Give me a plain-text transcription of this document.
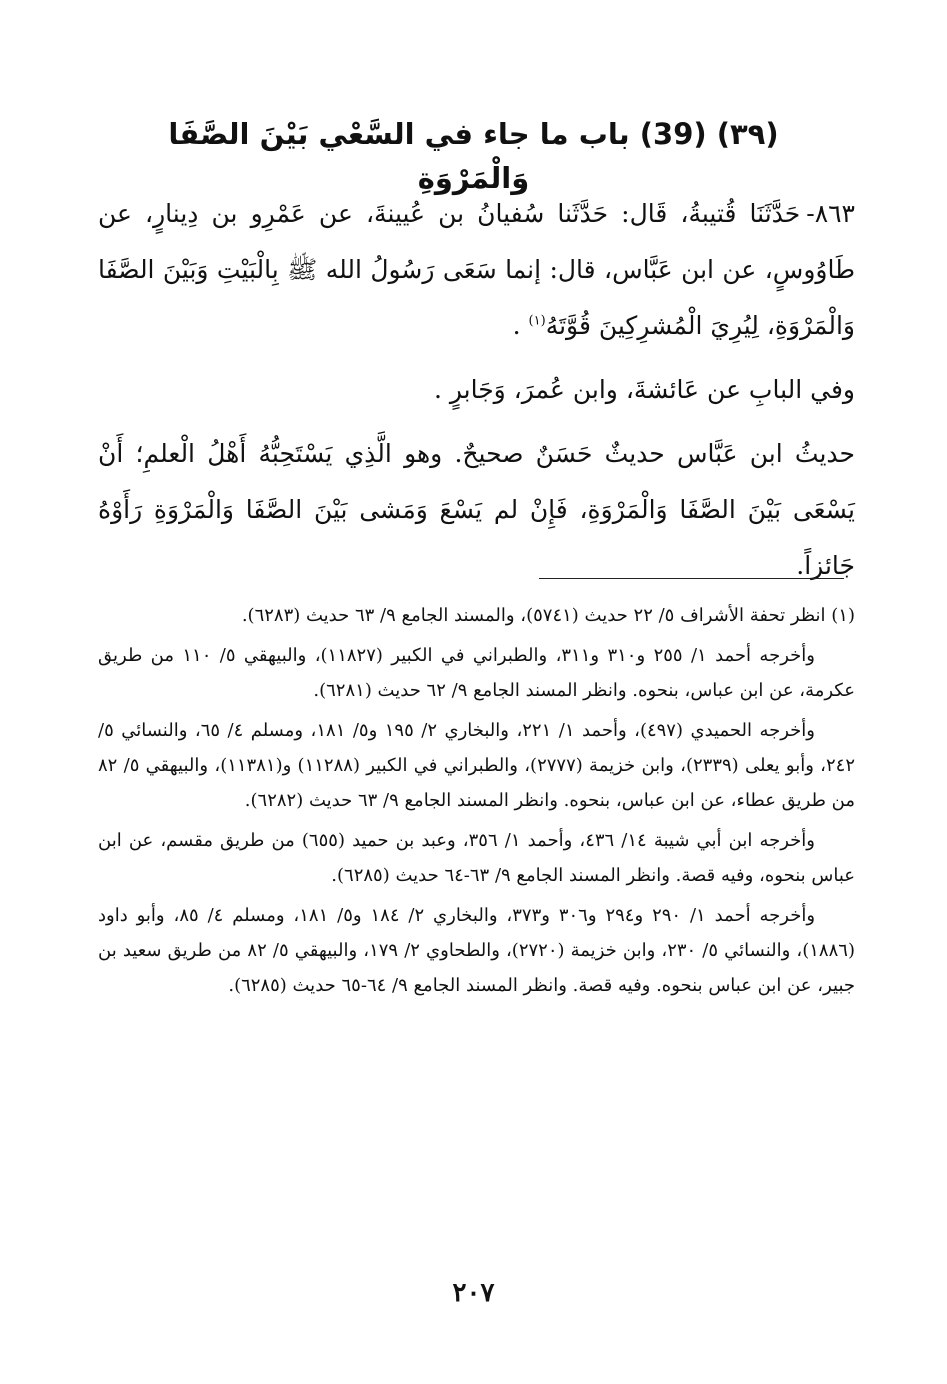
(٣٩) (39) باب ما جاء في السَّعْي بَيْنَ الصَّفَا وَالْمَرْوَةِ

٨٦٣-حَدَّثَنَا قُتيبةُ، قَال: حَدَّثَنا سُفيانُ بن عُيينةَ، عن عَمْرِو بن دِينارٍ، عن طَاوُوسٍ، عن ابن عَبَّاس، قال: إنما سَعَى رَسُولُ الله ﷺ بِالْبَيْتِ وَبَيْنَ الصَّفَا وَالْمَرْوَةِ، لِيُرِيَ الْمُشرِكِينَ قُوَّتَهُ$^{(١)}$ .

وفي البابِ عن عَائشةَ، وابن عُمرَ، وَجَابرٍ .

حديثُ ابن عَبَّاس حديثٌ حَسَنٌ صحيحٌ. وهو الَّذِي يَسْتَحِبُّهُ أَهْلُ الْعلمِ؛ أَنْ يَسْعَى بَيْنَ الصَّفَا وَالْمَرْوَةِ، فَإِنْ لم يَسْعَ وَمَشى بَيْنَ الصَّفَا وَالْمَرْوَةِ رَأَوْهُ جَائزاً.

(١) انظر تحفة الأشراف ٥/ ٢٢ حديث (٥٧٤١)، والمسند الجامع ٩/ ٦٣ حديث (٦٢٨٣).

وأخرجه أحمد ١/ ٢٥٥ و٣١٠ و٣١١، والطبراني في الكبير (١١٨٢٧)، والبيهقي ٥/ ١١٠ من طريق عكرمة، عن ابن عباس، بنحوه. وانظر المسند الجامع ٩/ ٦٢ حديث (٦٢٨١).

وأخرجه الحميدي (٤٩٧)، وأحمد ١/ ٢٢١، والبخاري ٢/ ١٩٥ و٥/ ١٨١، ومسلم ٤/ ٦٥، والنسائي ٥/ ٢٤٢، وأبو يعلى (٢٣٣٩)، وابن خزيمة (٢٧٧٧)، والطبراني في الكبير (١١٢٨٨) و(١١٣٨١)، والبيهقي ٥/ ٨٢ من طريق عطاء، عن ابن عباس، بنحوه. وانظر المسند الجامع ٩/ ٦٣ حديث (٦٢٨٢).

وأخرجه ابن أبي شيبة ١٤/ ٤٣٦، وأحمد ١/ ٣٥٦، وعبد بن حميد (٦٥٥) من طريق مقسم، عن ابن عباس بنحوه، وفيه قصة. وانظر المسند الجامع ٩/ ٦٣-٦٤ حديث (٦٢٨٥).

وأخرجه أحمد ١/ ٢٩٠ و٢٩٤ و٣٠٦ و٣٧٣، والبخاري ٢/ ١٨٤ و٥/ ١٨١، ومسلم ٤/ ٨٥، وأبو داود (١٨٨٦)، والنسائي ٥/ ٢٣٠، وابن خزيمة (٢٧٢٠)، والطحاوي ٢/ ١٧٩، والبيهقي ٥/ ٨٢ من طريق سعيد بن جبير، عن ابن عباس بنحوه. وفيه قصة. وانظر المسند الجامع ٩/ ٦٤-٦٥ حديث (٦٢٨٥).

٢٠٧
